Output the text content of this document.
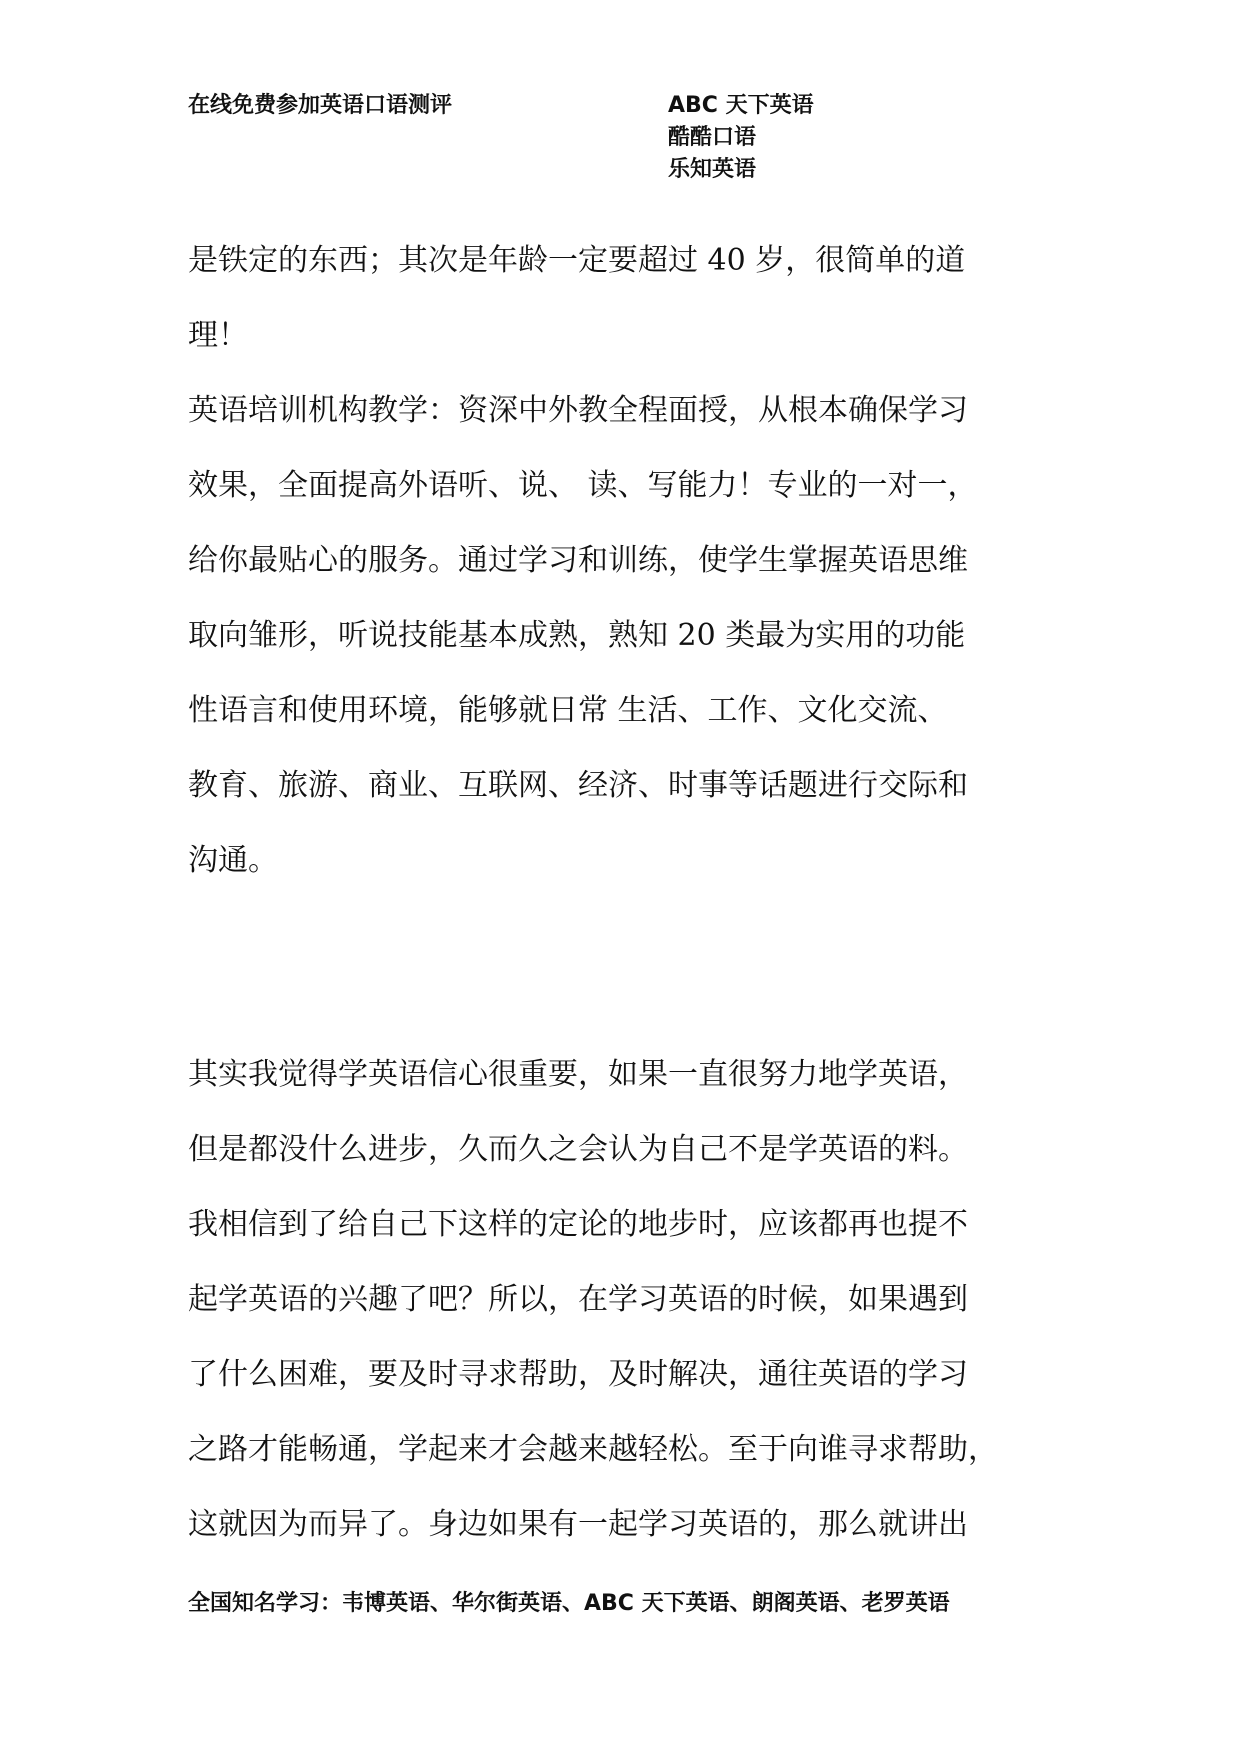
在线免费参加英语口语测评	ABC 天下英语
酷酷口语
乐知英语
是铁定的东西；其次是年龄一定要超过 40 岁，很简单的道
理！
英语培训机构教学：资深中外教全程面授，从根本确保学习
效果，全面提高外语听、说、 读、写能力！专业的一对一，
给你最贴心的服务。通过学习和训练，使学生掌握英语思维
取向雏形，听说技能基本成熟，熟知 20 类最为实用的功能
性语言和使用环境，能够就日常 生活、工作、文化交流、
教育、旅游、商业、互联网、经济、时事等话题进行交际和
沟通。
其实我觉得学英语信心很重要，如果一直很努力地学英语，
但是都没什么进步，久而久之会认为自己不是学英语的料。
我相信到了给自己下这样的定论的地步时，应该都再也提不
起学英语的兴趣了吧？所以，在学习英语的时候，如果遇到
了什么困难，要及时寻求帮助，及时解决，通往英语的学习
之路才能畅通，学起来才会越来越轻松。至于向谁寻求帮助，
这就因为而异了。身边如果有一起学习英语的，那么就讲出
全国知名学习：韦博英语、华尔街英语、ABC 天下英语、朗阁英语、老罗英语
